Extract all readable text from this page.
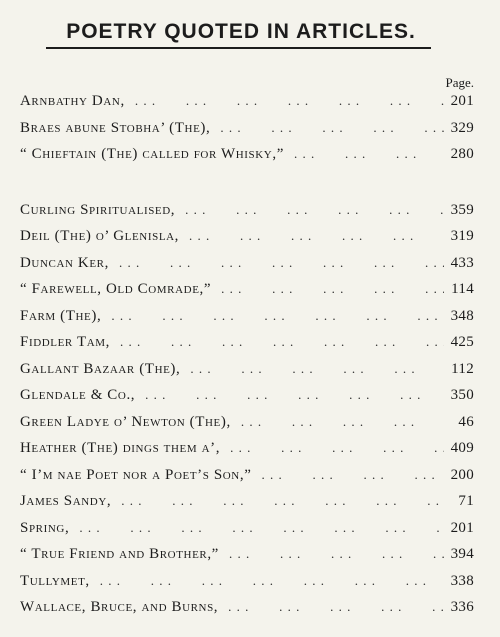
POETRY QUOTED IN ARTICLES.
Page.
Arnbathy Dan, . . .	201
Braes abune Stobha’ (The), . . .	329
“ Chieftain (The) called for Whisky,” . . .	280
Curling Spiritualised, . . .	359
Deil (The) o’ Glenisla, . . .	319
Duncan Ker, . . .	433
“ Farewell, Old Comrade,” . . .	114
Farm (The), . . .	348
Fiddler Tam, . . .	425
Gallant Bazaar (The), . . .	112
Glendale & Co., . . .	350
Green Ladye o’ Newton (The), . . .	46
Heather (The) dings them a’, . . .	409
“ I’m nae Poet nor a Poet’s Son,” . . .	200
James Sandy, . . .	71
Spring, . . .	201
“ True Friend and Brother,” . . .	394
Tullymet, . . .	338
Wallace, Bruce, and Burns, . . .	336
